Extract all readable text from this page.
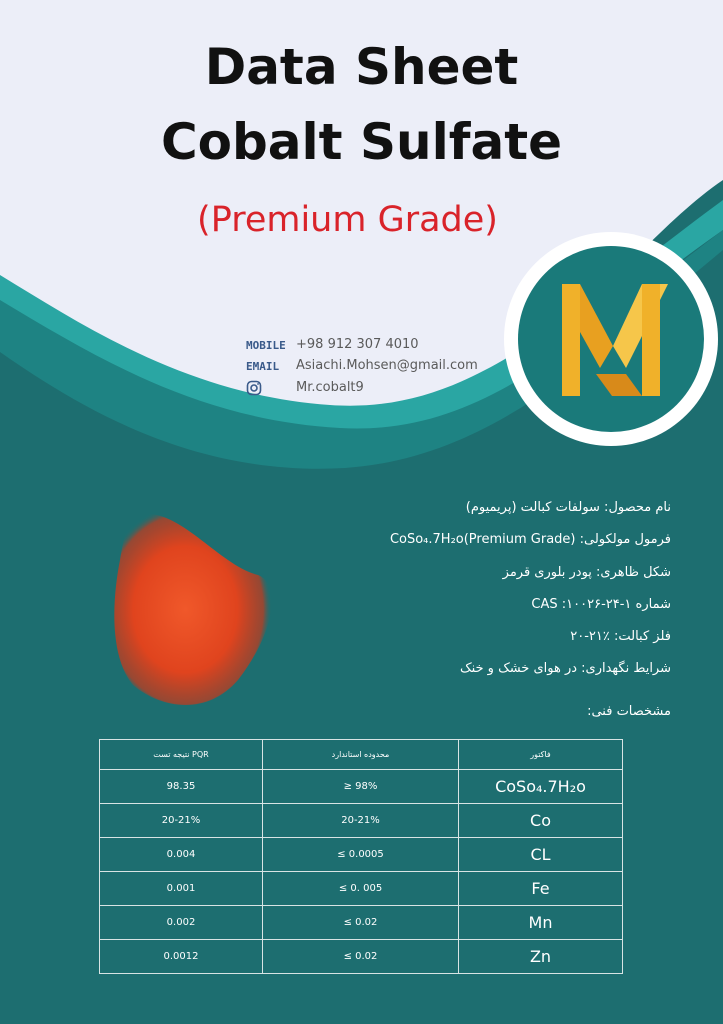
Data Sheet
Cobalt Sulfate
(Premium Grade)
MOBILE +98 912 307 4010
EMAIL Asiachi.Mohsen@gmail.com
Mr.cobalt9
نام محصول: سولفات کبالت (پریمیوم)
فرمول مولکولی: CoSo₄.7H₂o(Premium Grade)
شکل ظاهری: پودر بلوری قرمز
شماره CAS :۱۰۰۲۶-۲۴-۱
فلز کبالت: ٪۲۱-۲۰
شرایط نگهداری: در هوای خشک و خنک
مشخصات فنی:
نتیجه تست PQR	محدوده استاندارد	فاکتور
98.35	≥ 98%	CoSo₄.7H₂o
20-21%	20-21%	Co
0.004	≤ 0.0005	CL
0.001	≤ 0. 005	Fe
0.002	≤ 0.02	Mn
0.0012	≤ 0.02	Zn
